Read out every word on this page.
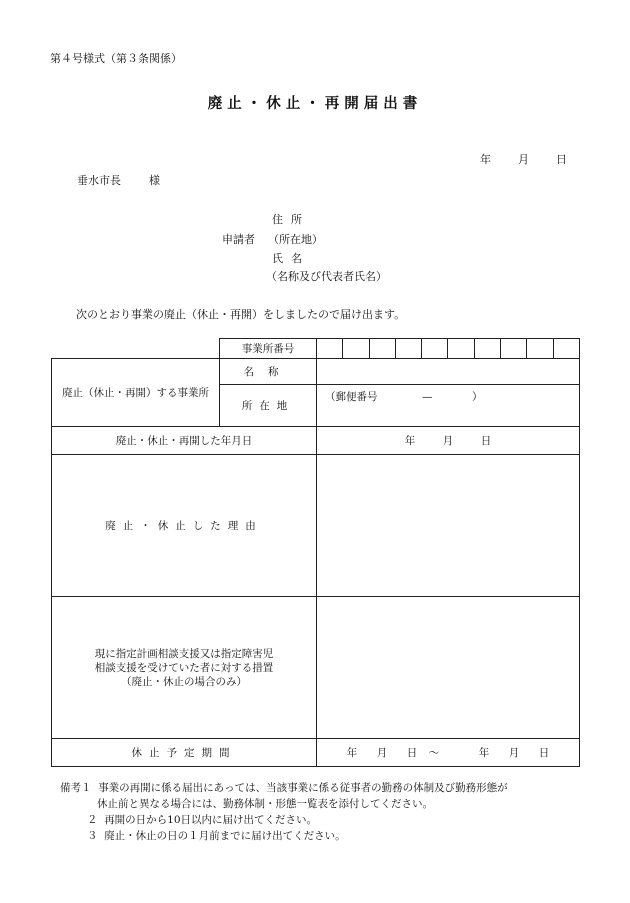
第４号様式（第３条関係）
廃止・休止・再開届出書
年 月 日
垂水市長	様
住所
申請者 （所在地）
氏名
（名称及び代表者氏名）
次のとおり事業の廃止（休止・再開）をしましたので届け出ます。
	事業所番号										
廃止（休止・再開）する事業所	名称										
	所在地	（郵便番号 — ）									
廃止・休止・再開した年月日		年 月 日									
廃止・休止した理由											

現に指定計画相談支援又は指定障害児
相談支援を受けていた者に対する措置
（廃止・休止の場合のみ）											

休止予定期間		年 月 日 ～ 年 月 日									
備考１ 事業の再開に係る届出にあっては、当該事業に係る従事者の勤務の体制及び勤務形態が
休止前と異なる場合には、勤務体制・形態一覧表を添付してください。
２ 再開の日から10日以内に届け出てください。
３ 廃止・休止の日の１月前までに届け出てください。
